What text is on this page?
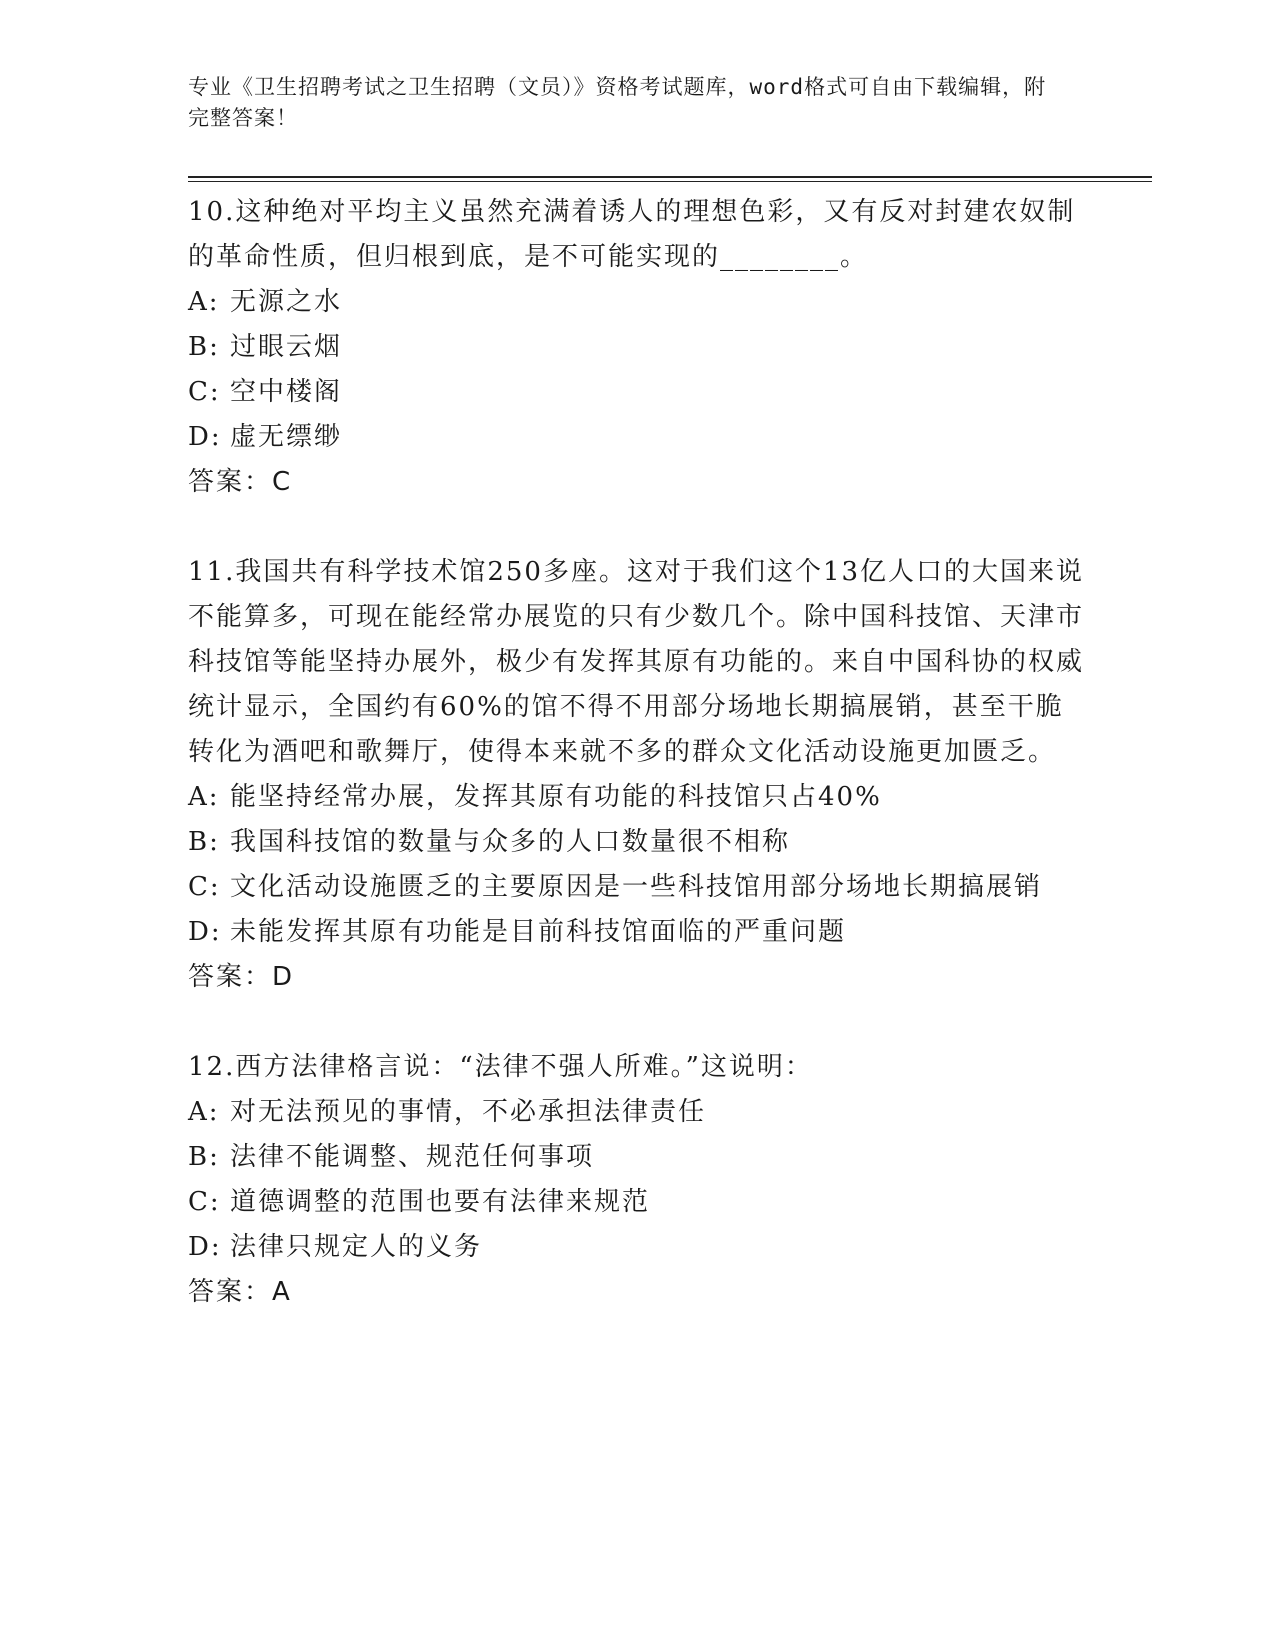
专业《卫生招聘考试之卫生招聘（文员）》资格考试题库，word格式可自由下载编辑，附完整答案！

10.这种绝对平均主义虽然充满着诱人的理想色彩，又有反对封建农奴制的革命性质，但归根到底，是不可能实现的________。

A: 无源之水

B: 过眼云烟

C: 空中楼阁

D: 虚无缥缈

答案：C

11.我国共有科学技术馆250多座。这对于我们这个13亿人口的大国来说不能算多，可现在能经常办展览的只有少数几个。除中国科技馆、天津市科技馆等能坚持办展外，极少有发挥其原有功能的。来自中国科协的权威统计显示，全国约有60%的馆不得不用部分场地长期搞展销，甚至干脆转化为酒吧和歌舞厅，使得本来就不多的群众文化活动设施更加匮乏。

A: 能坚持经常办展，发挥其原有功能的科技馆只占40%

B: 我国科技馆的数量与众多的人口数量很不相称

C: 文化活动设施匮乏的主要原因是一些科技馆用部分场地长期搞展销

D: 未能发挥其原有功能是目前科技馆面临的严重问题

答案：D

12.西方法律格言说：“法律不强人所难。”这说明：

A: 对无法预见的事情，不必承担法律责任

B: 法律不能调整、规范任何事项

C: 道德调整的范围也要有法律来规范

D: 法律只规定人的义务

答案：A
